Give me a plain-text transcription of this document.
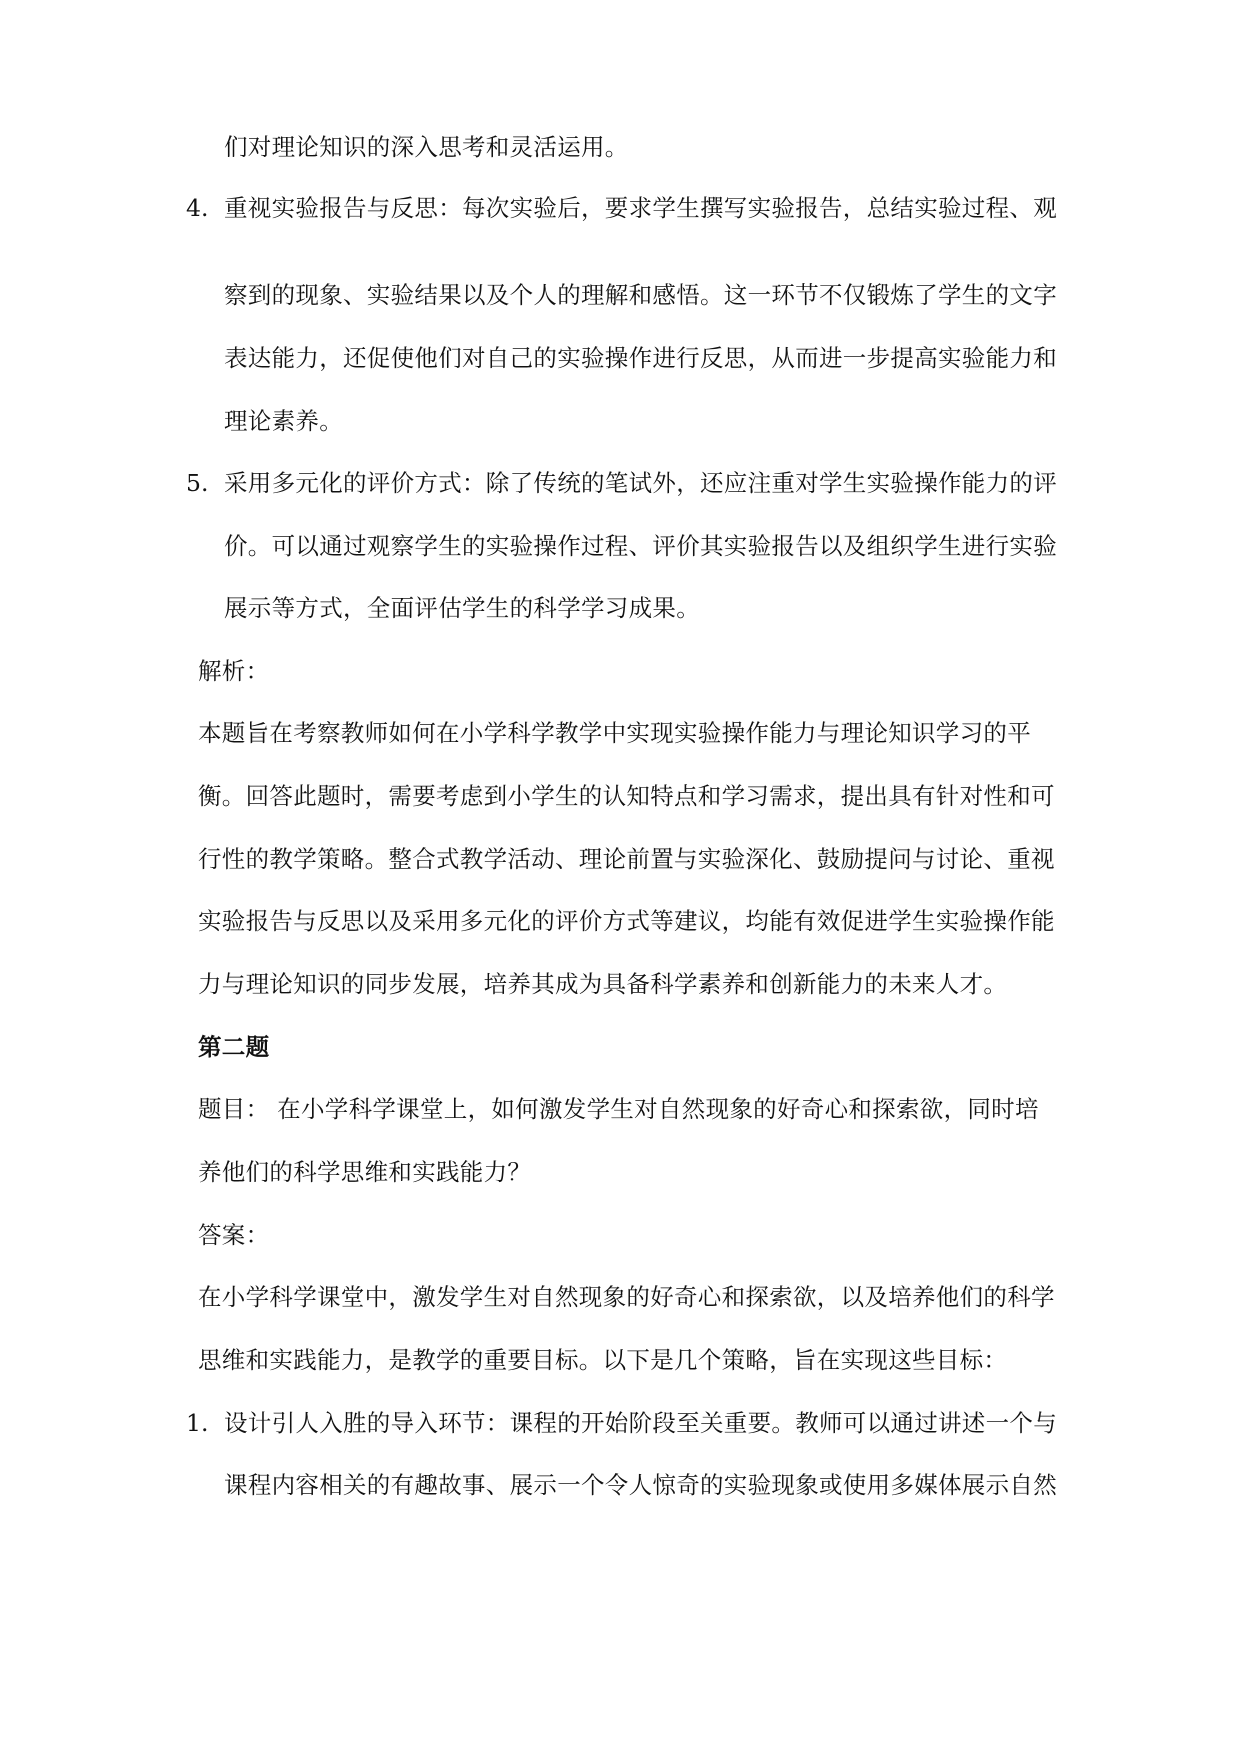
们对理论知识的深入思考和灵活运用。
4. 重视实验报告与反思：每次实验后，要求学生撰写实验报告，总结实验过程、观
察到的现象、实验结果以及个人的理解和感悟。这一环节不仅锻炼了学生的文字
表达能力，还促使他们对自己的实验操作进行反思，从而进一步提高实验能力和
理论素养。
5. 采用多元化的评价方式：除了传统的笔试外，还应注重对学生实验操作能力的评
价。可以通过观察学生的实验操作过程、评价其实验报告以及组织学生进行实验
展示等方式，全面评估学生的科学学习成果。
解析：
本题旨在考察教师如何在小学科学教学中实现实验操作能力与理论知识学习的平
衡。回答此题时，需要考虑到小学生的认知特点和学习需求，提出具有针对性和可
行性的教学策略。整合式教学活动、理论前置与实验深化、鼓励提问与讨论、重视
实验报告与反思以及采用多元化的评价方式等建议，均能有效促进学生实验操作能
力与理论知识的同步发展，培养其成为具备科学素养和创新能力的未来人才。
第二题
题目： 在小学科学课堂上，如何激发学生对自然现象的好奇心和探索欲，同时培
养他们的科学思维和实践能力？
答案：
在小学科学课堂中，激发学生对自然现象的好奇心和探索欲，以及培养他们的科学
思维和实践能力，是教学的重要目标。以下是几个策略，旨在实现这些目标：
1. 设计引人入胜的导入环节：课程的开始阶段至关重要。教师可以通过讲述一个与
课程内容相关的有趣故事、展示一个令人惊奇的实验现象或使用多媒体展示自然
